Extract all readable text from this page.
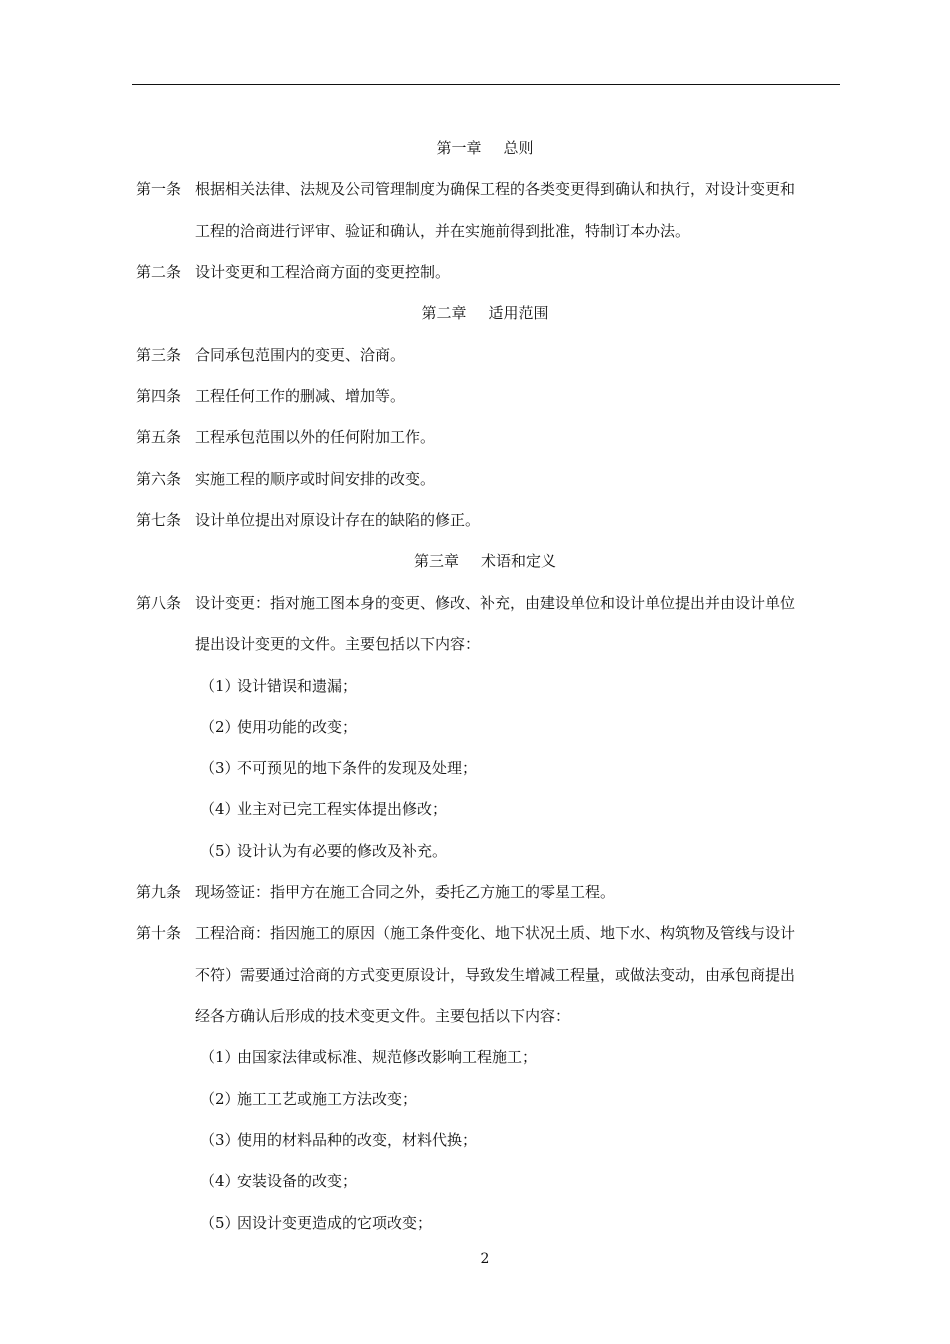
第一章 总则
第一条 根据相关法律、法规及公司管理制度为确保工程的各类变更得到确认和执行，对设计变更和
工程的洽商进行评审、验证和确认，并在实施前得到批准，特制订本办法。
第二条 设计变更和工程洽商方面的变更控制。
第二章 适用范围
第三条 合同承包范围内的变更、洽商。
第四条 工程任何工作的删减、增加等。
第五条 工程承包范围以外的任何附加工作。
第六条 实施工程的顺序或时间安排的改变。
第七条 设计单位提出对原设计存在的缺陷的修正。
第三章 术语和定义
第八条 设计变更：指对施工图本身的变更、修改、补充，由建设单位和设计单位提出并由设计单位
提出设计变更的文件。主要包括以下内容：
（1）设计错误和遗漏；
（2）使用功能的改变；
（3）不可预见的地下条件的发现及处理；
（4）业主对已完工程实体提出修改；
（5）设计认为有必要的修改及补充。
第九条 现场签证：指甲方在施工合同之外，委托乙方施工的零星工程。
第十条 工程洽商：指因施工的原因（施工条件变化、地下状况土质、地下水、构筑物及管线与设计
不符）需要通过洽商的方式变更原设计，导致发生增减工程量，或做法变动，由承包商提出
经各方确认后形成的技术变更文件。主要包括以下内容：
（1）由国家法律或标准、规范修改影响工程施工；
（2）施工工艺或施工方法改变；
（3）使用的材料品种的改变，材料代换；
（4）安装设备的改变；
（5）因设计变更造成的它项改变；
2
